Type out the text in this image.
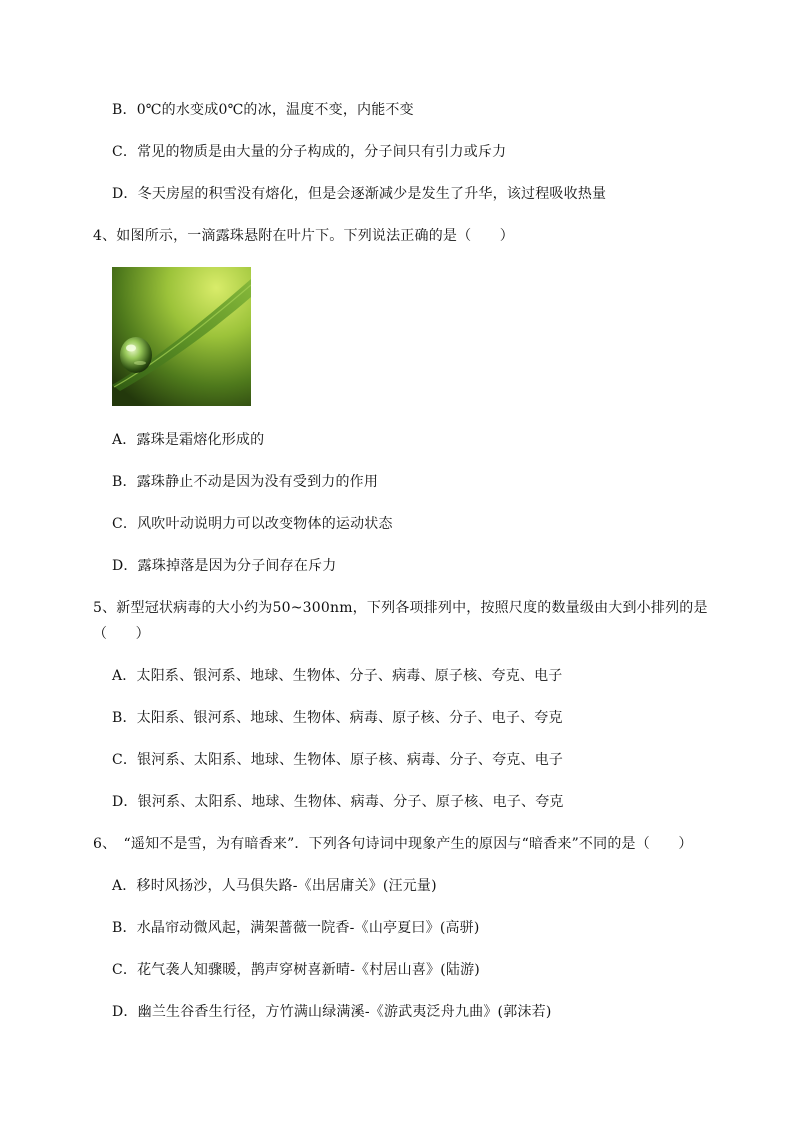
B．0℃的水变成0℃的冰，温度不变，内能不变
C．常见的物质是由大量的分子构成的，分子间只有引力或斥力
D．冬天房屋的积雪没有熔化，但是会逐渐减少是发生了升华，该过程吸收热量
4、如图所示，一滴露珠悬附在叶片下。下列说法正确的是（　　）
A．露珠是霜熔化形成的
B．露珠静止不动是因为没有受到力的作用
C．风吹叶动说明力可以改变物体的运动状态
D．露珠掉落是因为分子间存在斥力
5、新型冠状病毒的大小约为50~300nm，下列各项排列中，按照尺度的数量级由大到小排列的是
（　　）
A．太阳系、银河系、地球、生物体、分子、病毒、原子核、夸克、电子
B．太阳系、银河系、地球、生物体、病毒、原子核、分子、电子、夸克
C．银河系、太阳系、地球、生物体、原子核、病毒、分子、夸克、电子
D．银河系、太阳系、地球、生物体、病毒、分子、原子核、电子、夸克
6、　“遥知不是雪，为有暗香来”．下列各句诗词中现象产生的原因与“暗香来”不同的是（　　）
A．移时风扬沙，人马俱失路-《出居庸关》(汪元量)
B．水晶帘动微风起，满架蔷薇一院香-《山亭夏曰》(高骈)
C．花气袭人知骤暖，鹊声穿树喜新晴-《村居山喜》(陆游)
D．幽兰生谷香生行径，方竹满山绿满溪-《游武夷泛舟九曲》(郭沫若)
